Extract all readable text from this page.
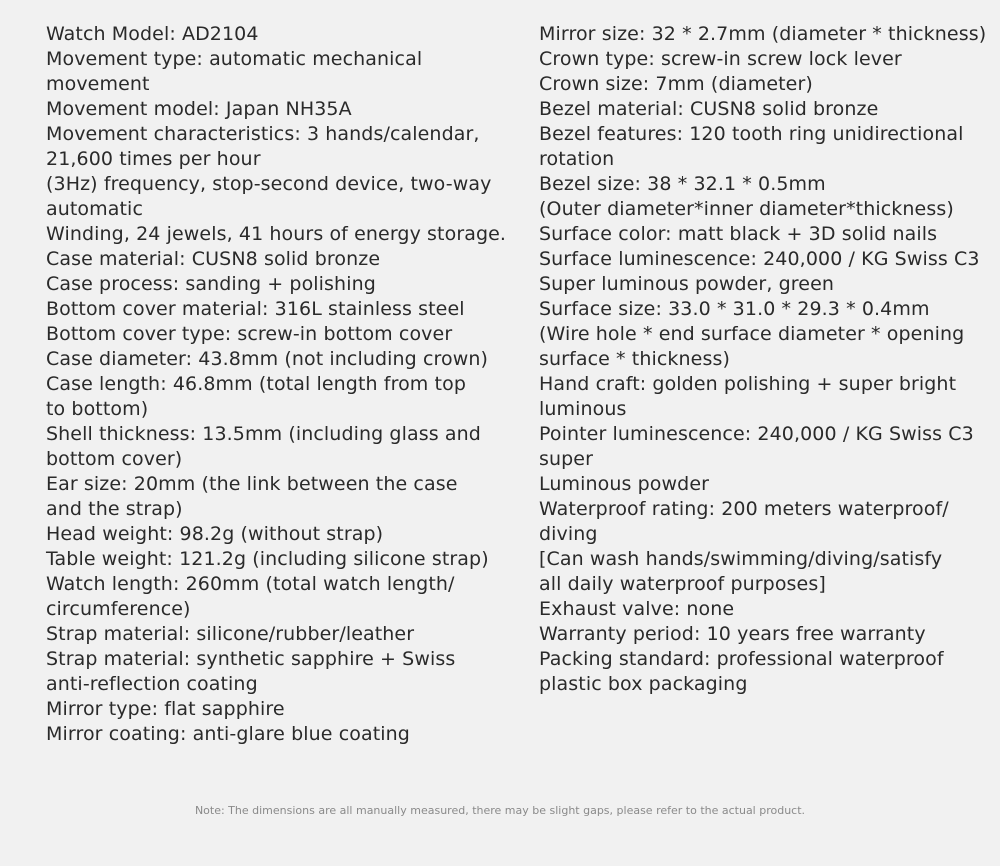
Watch Model: AD2104
Movement type: automatic mechanical
movement
Movement model: Japan NH35A
Movement characteristics: 3 hands/calendar,
21,600 times per hour
(3Hz) frequency, stop-second device, two-way
automatic
Winding, 24 jewels, 41 hours of energy storage.
Case material: CUSN8 solid bronze
Case process: sanding + polishing
Bottom cover material: 316L stainless steel
Bottom cover type: screw-in bottom cover
Case diameter: 43.8mm (not including crown)
Case length: 46.8mm (total length from top
to bottom)
Shell thickness: 13.5mm (including glass and
bottom cover)
Ear size: 20mm (the link between the case
and the strap)
Head weight: 98.2g (without strap)
Table weight: 121.2g (including silicone strap)
Watch length: 260mm (total watch length/
circumference)
Strap material: silicone/rubber/leather
Strap material: synthetic sapphire + Swiss
anti-reflection coating
Mirror type: flat sapphire
Mirror coating: anti-glare blue coating
Mirror size: 32 * 2.7mm (diameter * thickness)
Crown type: screw-in screw lock lever
Crown size: 7mm (diameter)
Bezel material: CUSN8 solid bronze
Bezel features: 120 tooth ring unidirectional
rotation
Bezel size: 38 * 32.1 * 0.5mm
(Outer diameter*inner diameter*thickness)
Surface color: matt black + 3D solid nails
Surface luminescence: 240,000 / KG Swiss C3
Super luminous powder, green
Surface size: 33.0 * 31.0 * 29.3 * 0.4mm
(Wire hole * end surface diameter * opening
surface * thickness)
Hand craft: golden polishing + super bright
luminous
Pointer luminescence: 240,000 / KG Swiss C3
super
Luminous powder
Waterproof rating: 200 meters waterproof/
diving
[Can wash hands/swimming/diving/satisfy
all daily waterproof purposes]
Exhaust valve: none
Warranty period: 10 years free warranty
Packing standard: professional waterproof
plastic box packaging
Note: The dimensions are all manually measured, there may be slight gaps, please refer to the actual product.
